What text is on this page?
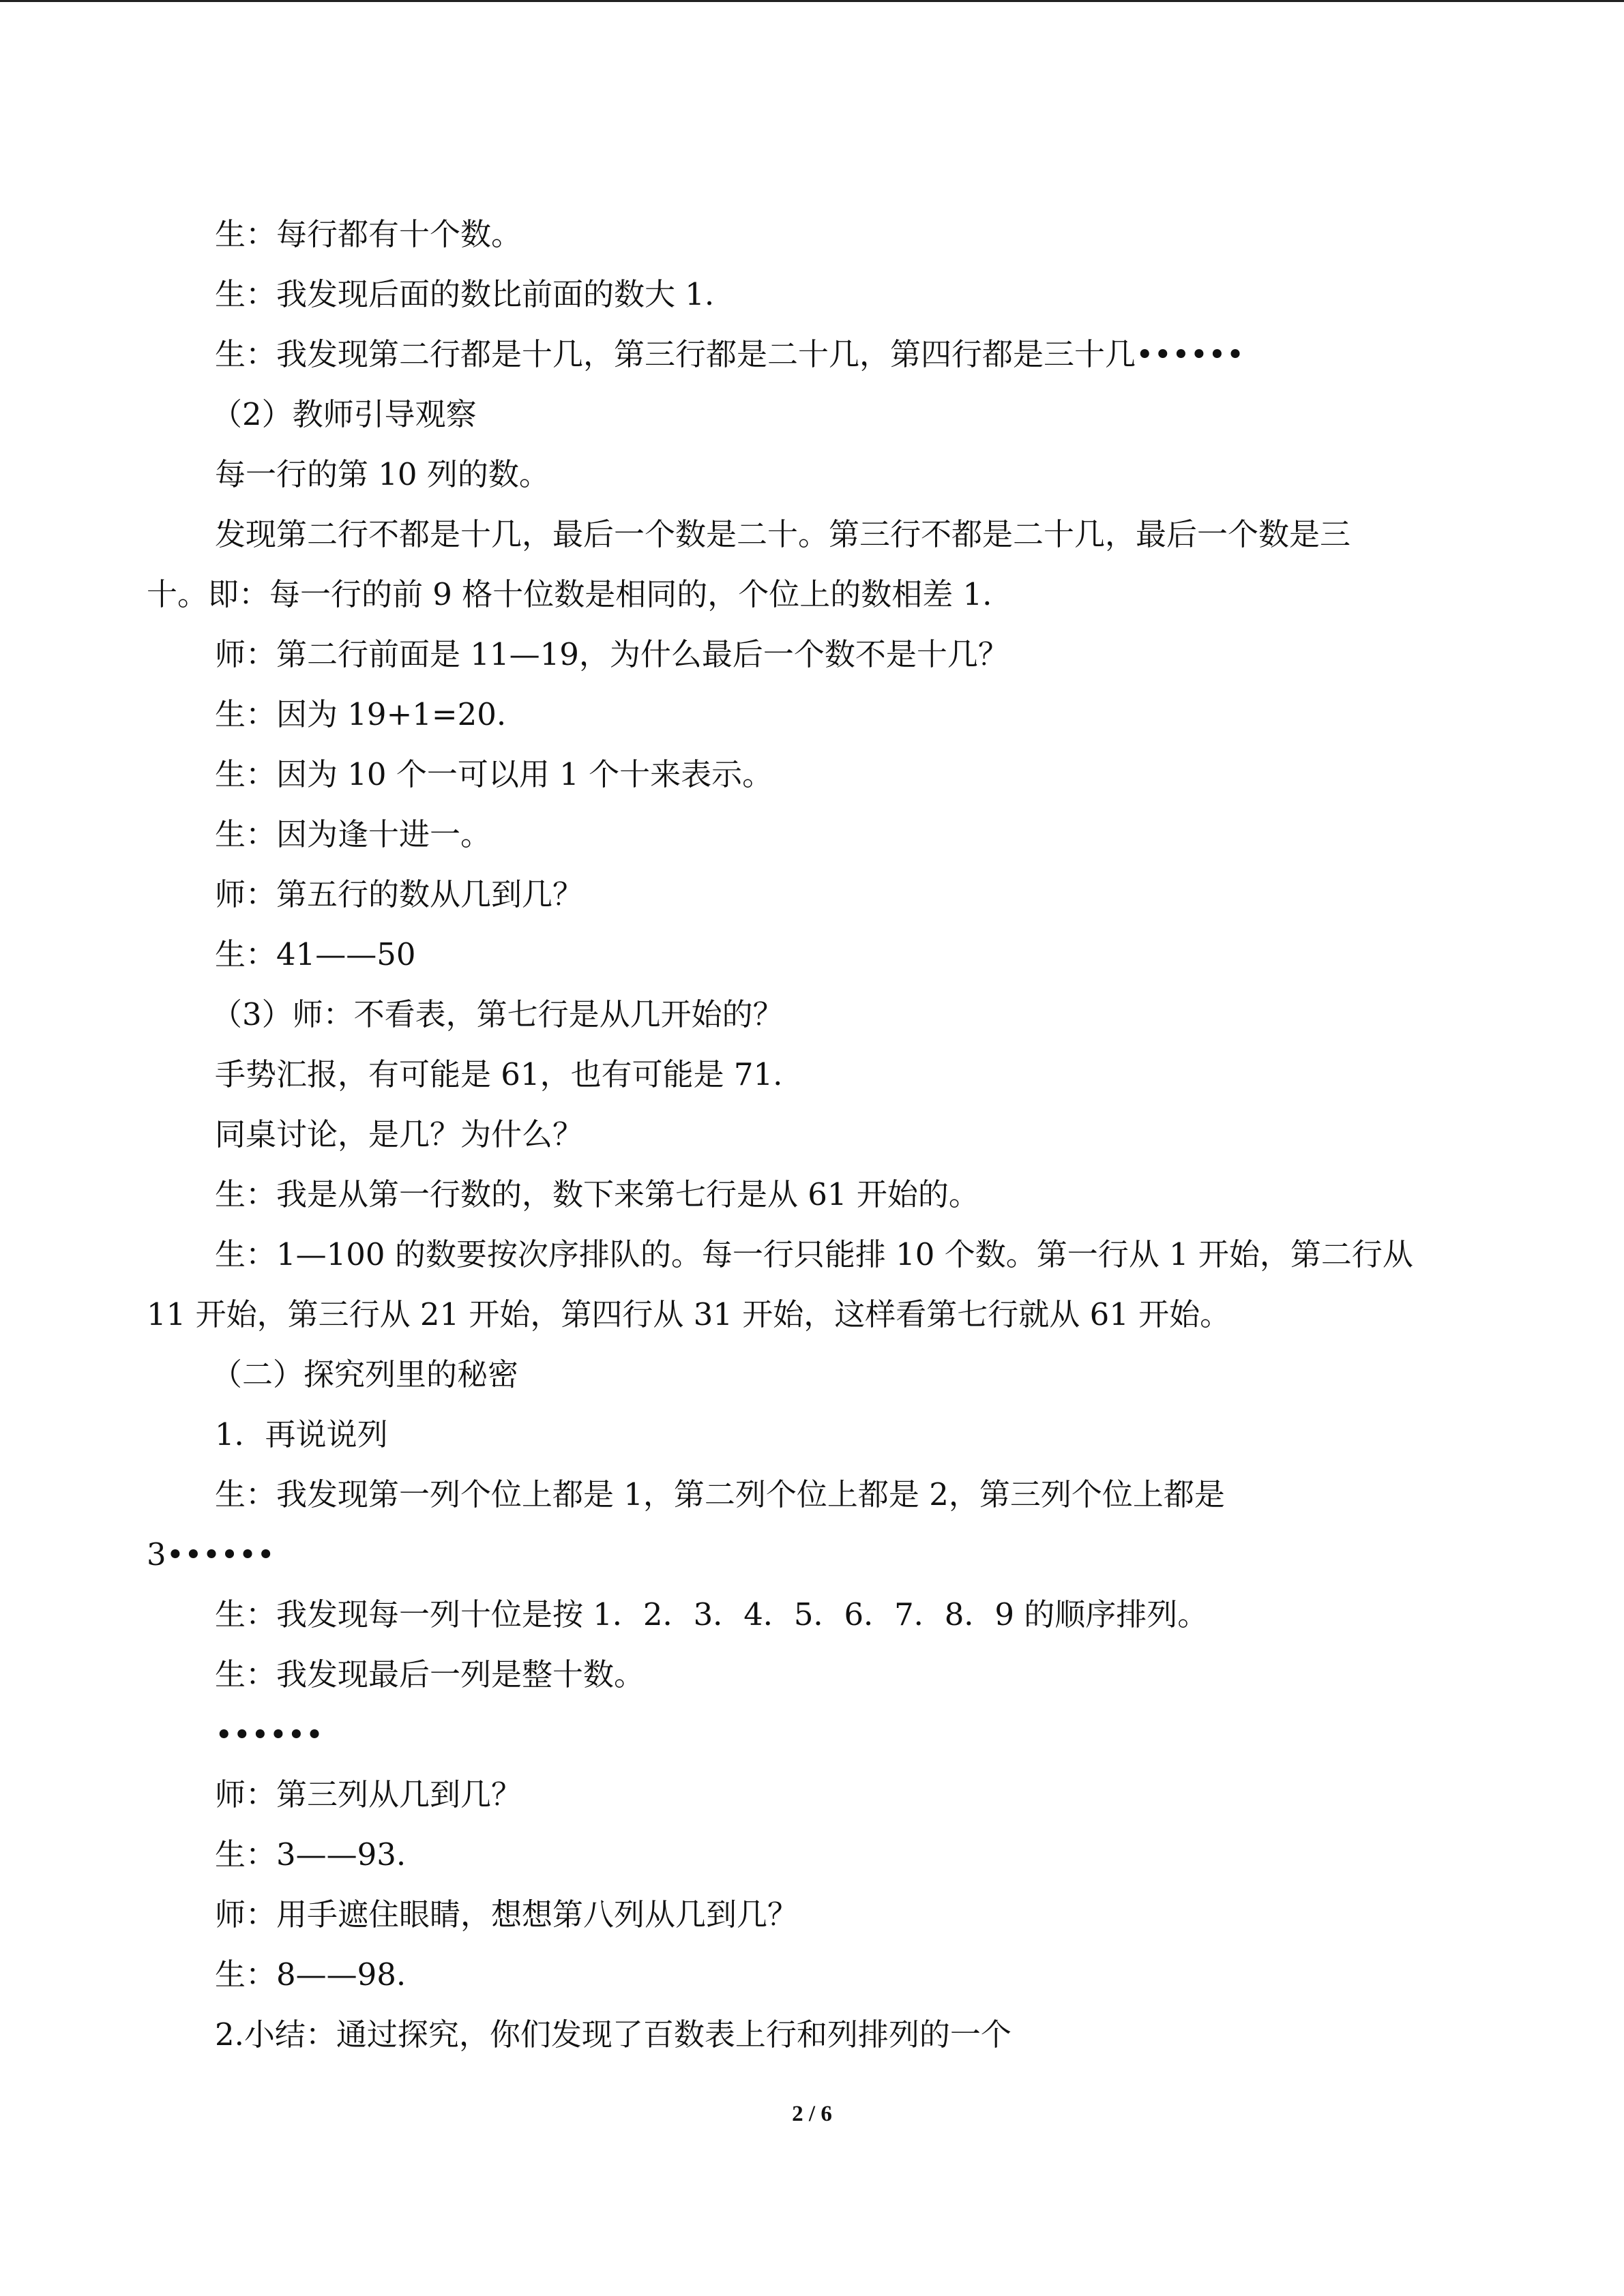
生：每行都有十个数。
生：我发现后面的数比前面的数大 1.
生：我发现第二行都是十几，第三行都是二十几，第四行都是三十几••••••
（2）教师引导观察
每一行的第 10 列的数。
发现第二行不都是十几，最后一个数是二十。第三行不都是二十几，最后一个数是三
十。即：每一行的前 9 格十位数是相同的，个位上的数相差 1.
师：第二行前面是 11—19，为什么最后一个数不是十几？
生：因为 19+1=20.
生：因为 10 个一可以用 1 个十来表示。
生：因为逢十进一。
师：第五行的数从几到几？
生：41——50
（3）师：不看表，第七行是从几开始的？
手势汇报，有可能是 61，也有可能是 71.
同桌讨论，是几？为什么？
生：我是从第一行数的，数下来第七行是从 61 开始的。
生：1—100 的数要按次序排队的。每一行只能排 10 个数。第一行从 1 开始，第二行从
11 开始，第三行从 21 开始，第四行从 31 开始，这样看第七行就从 61 开始。
（二）探究列里的秘密
1．再说说列
生：我发现第一列个位上都是 1，第二列个位上都是 2，第三列个位上都是
3••••••
生：我发现每一列十位是按 1．2．3．4．5．6．7．8．9 的顺序排列。
生：我发现最后一列是整十数。
••••••
师：第三列从几到几？
生：3——93.
师：用手遮住眼睛，想想第八列从几到几？
生：8——98.
2.小结：通过探究，你们发现了百数表上行和列排列的一个
2 / 6
